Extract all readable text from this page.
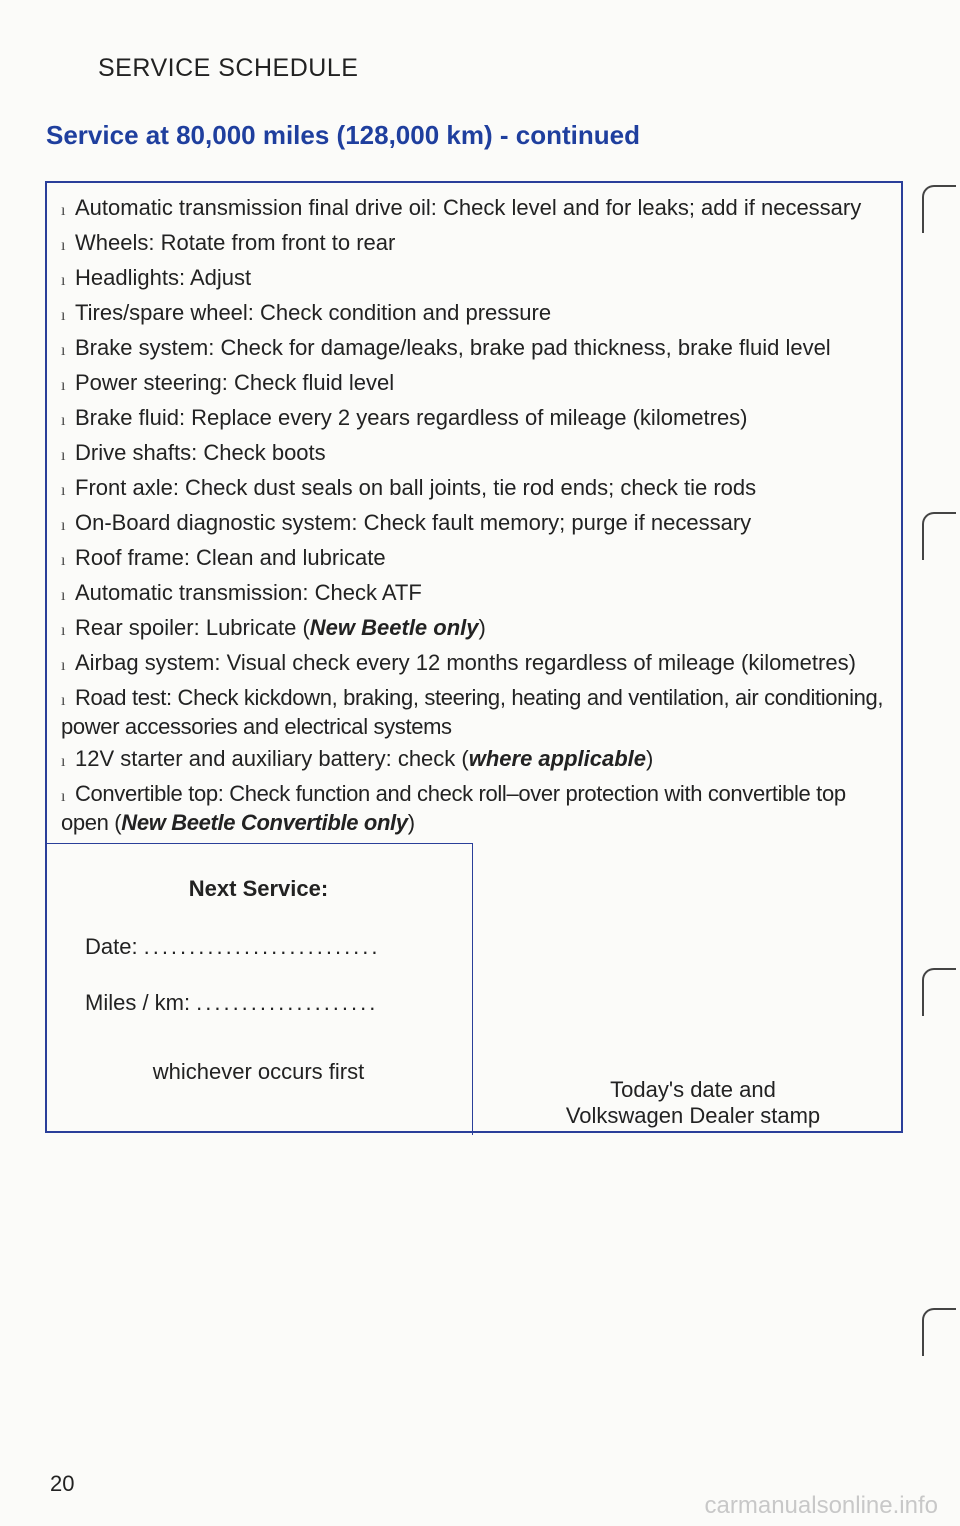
SERVICE SCHEDULE
Service at 80,000 miles (128,000 km) - continued
ı Automatic transmission final drive oil: Check level and for leaks; add if necessary
ı Wheels: Rotate from front to rear
ı Headlights: Adjust
ı Tires/spare wheel: Check condition and pressure
ı Brake system: Check for damage/leaks, brake pad thickness, brake fluid level
ı Power steering: Check fluid level
ı Brake fluid: Replace every 2 years regardless of mileage (kilometres)
ı Drive shafts: Check boots
ı Front axle: Check dust seals on ball joints, tie rod ends; check tie rods
ı On-Board diagnostic system: Check fault memory; purge if necessary
ı Roof frame: Clean and lubricate
ı Automatic transmission: Check ATF
ı Rear spoiler: Lubricate (New Beetle only)
ı Airbag system: Visual check every 12 months regardless of mileage (kilometres)
ı Road test: Check kickdown, braking, steering, heating and ventilation, air conditioning, power accessories and electrical systems
ı 12V starter and auxiliary battery: check (where applicable)
ı Convertible top: Check function and check roll–over protection with convertible top open (New Beetle Convertible only)
Next Service:
Date: ..........................
Miles / km: ....................
whichever occurs first
Today's date and
Volkswagen Dealer stamp
20
carmanualsonline.info
